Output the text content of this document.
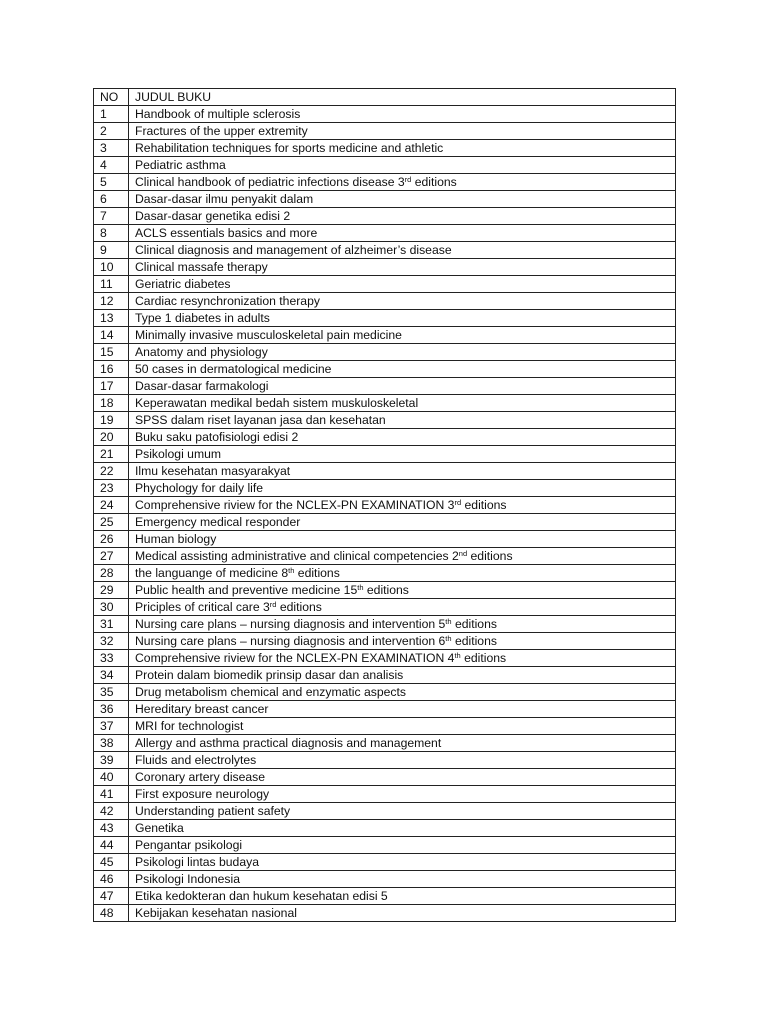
NO	JUDUL BUKU
1	Handbook of multiple sclerosis
2	Fractures of the upper extremity
3	Rehabilitation techniques for sports medicine and athletic
4	Pediatric asthma
5	Clinical handbook of pediatric infections disease 3rd editions
6	Dasar-dasar ilmu penyakit dalam
7	Dasar-dasar genetika edisi 2
8	ACLS essentials basics and more
9	Clinical diagnosis and management of alzheimer’s disease
10	Clinical massafe therapy
11	Geriatric diabetes
12	Cardiac resynchronization therapy
13	Type 1 diabetes in adults
14	Minimally invasive musculoskeletal pain medicine
15	Anatomy and physiology
16	50 cases in dermatological medicine
17	Dasar-dasar farmakologi
18	Keperawatan medikal bedah sistem muskuloskeletal
19	SPSS dalam riset layanan jasa dan kesehatan
20	Buku saku patofisiologi edisi 2
21	Psikologi umum
22	Ilmu kesehatan masyarakyat
23	Phychology for daily life
24	Comprehensive riview for the NCLEX-PN EXAMINATION 3rd editions
25	Emergency medical responder
26	Human biology
27	Medical assisting administrative and clinical competencies 2nd editions
28	the languange of medicine 8th editions
29	Public health and preventive medicine 15th editions
30	Priciples of critical care 3rd editions
31	Nursing care plans – nursing diagnosis and intervention 5th editions
32	Nursing care plans – nursing diagnosis and intervention 6th editions
33	Comprehensive riview for the NCLEX-PN EXAMINATION 4th editions
34	Protein dalam biomedik prinsip dasar dan analisis
35	Drug metabolism chemical and enzymatic aspects
36	Hereditary breast cancer
37	MRI for technologist
38	Allergy and asthma practical diagnosis and management
39	Fluids and electrolytes
40	Coronary artery disease
41	First exposure neurology
42	Understanding patient safety
43	Genetika
44	Pengantar psikologi
45	Psikologi lintas budaya
46	Psikologi Indonesia
47	Etika kedokteran dan hukum kesehatan edisi 5
48	Kebijakan kesehatan nasional
